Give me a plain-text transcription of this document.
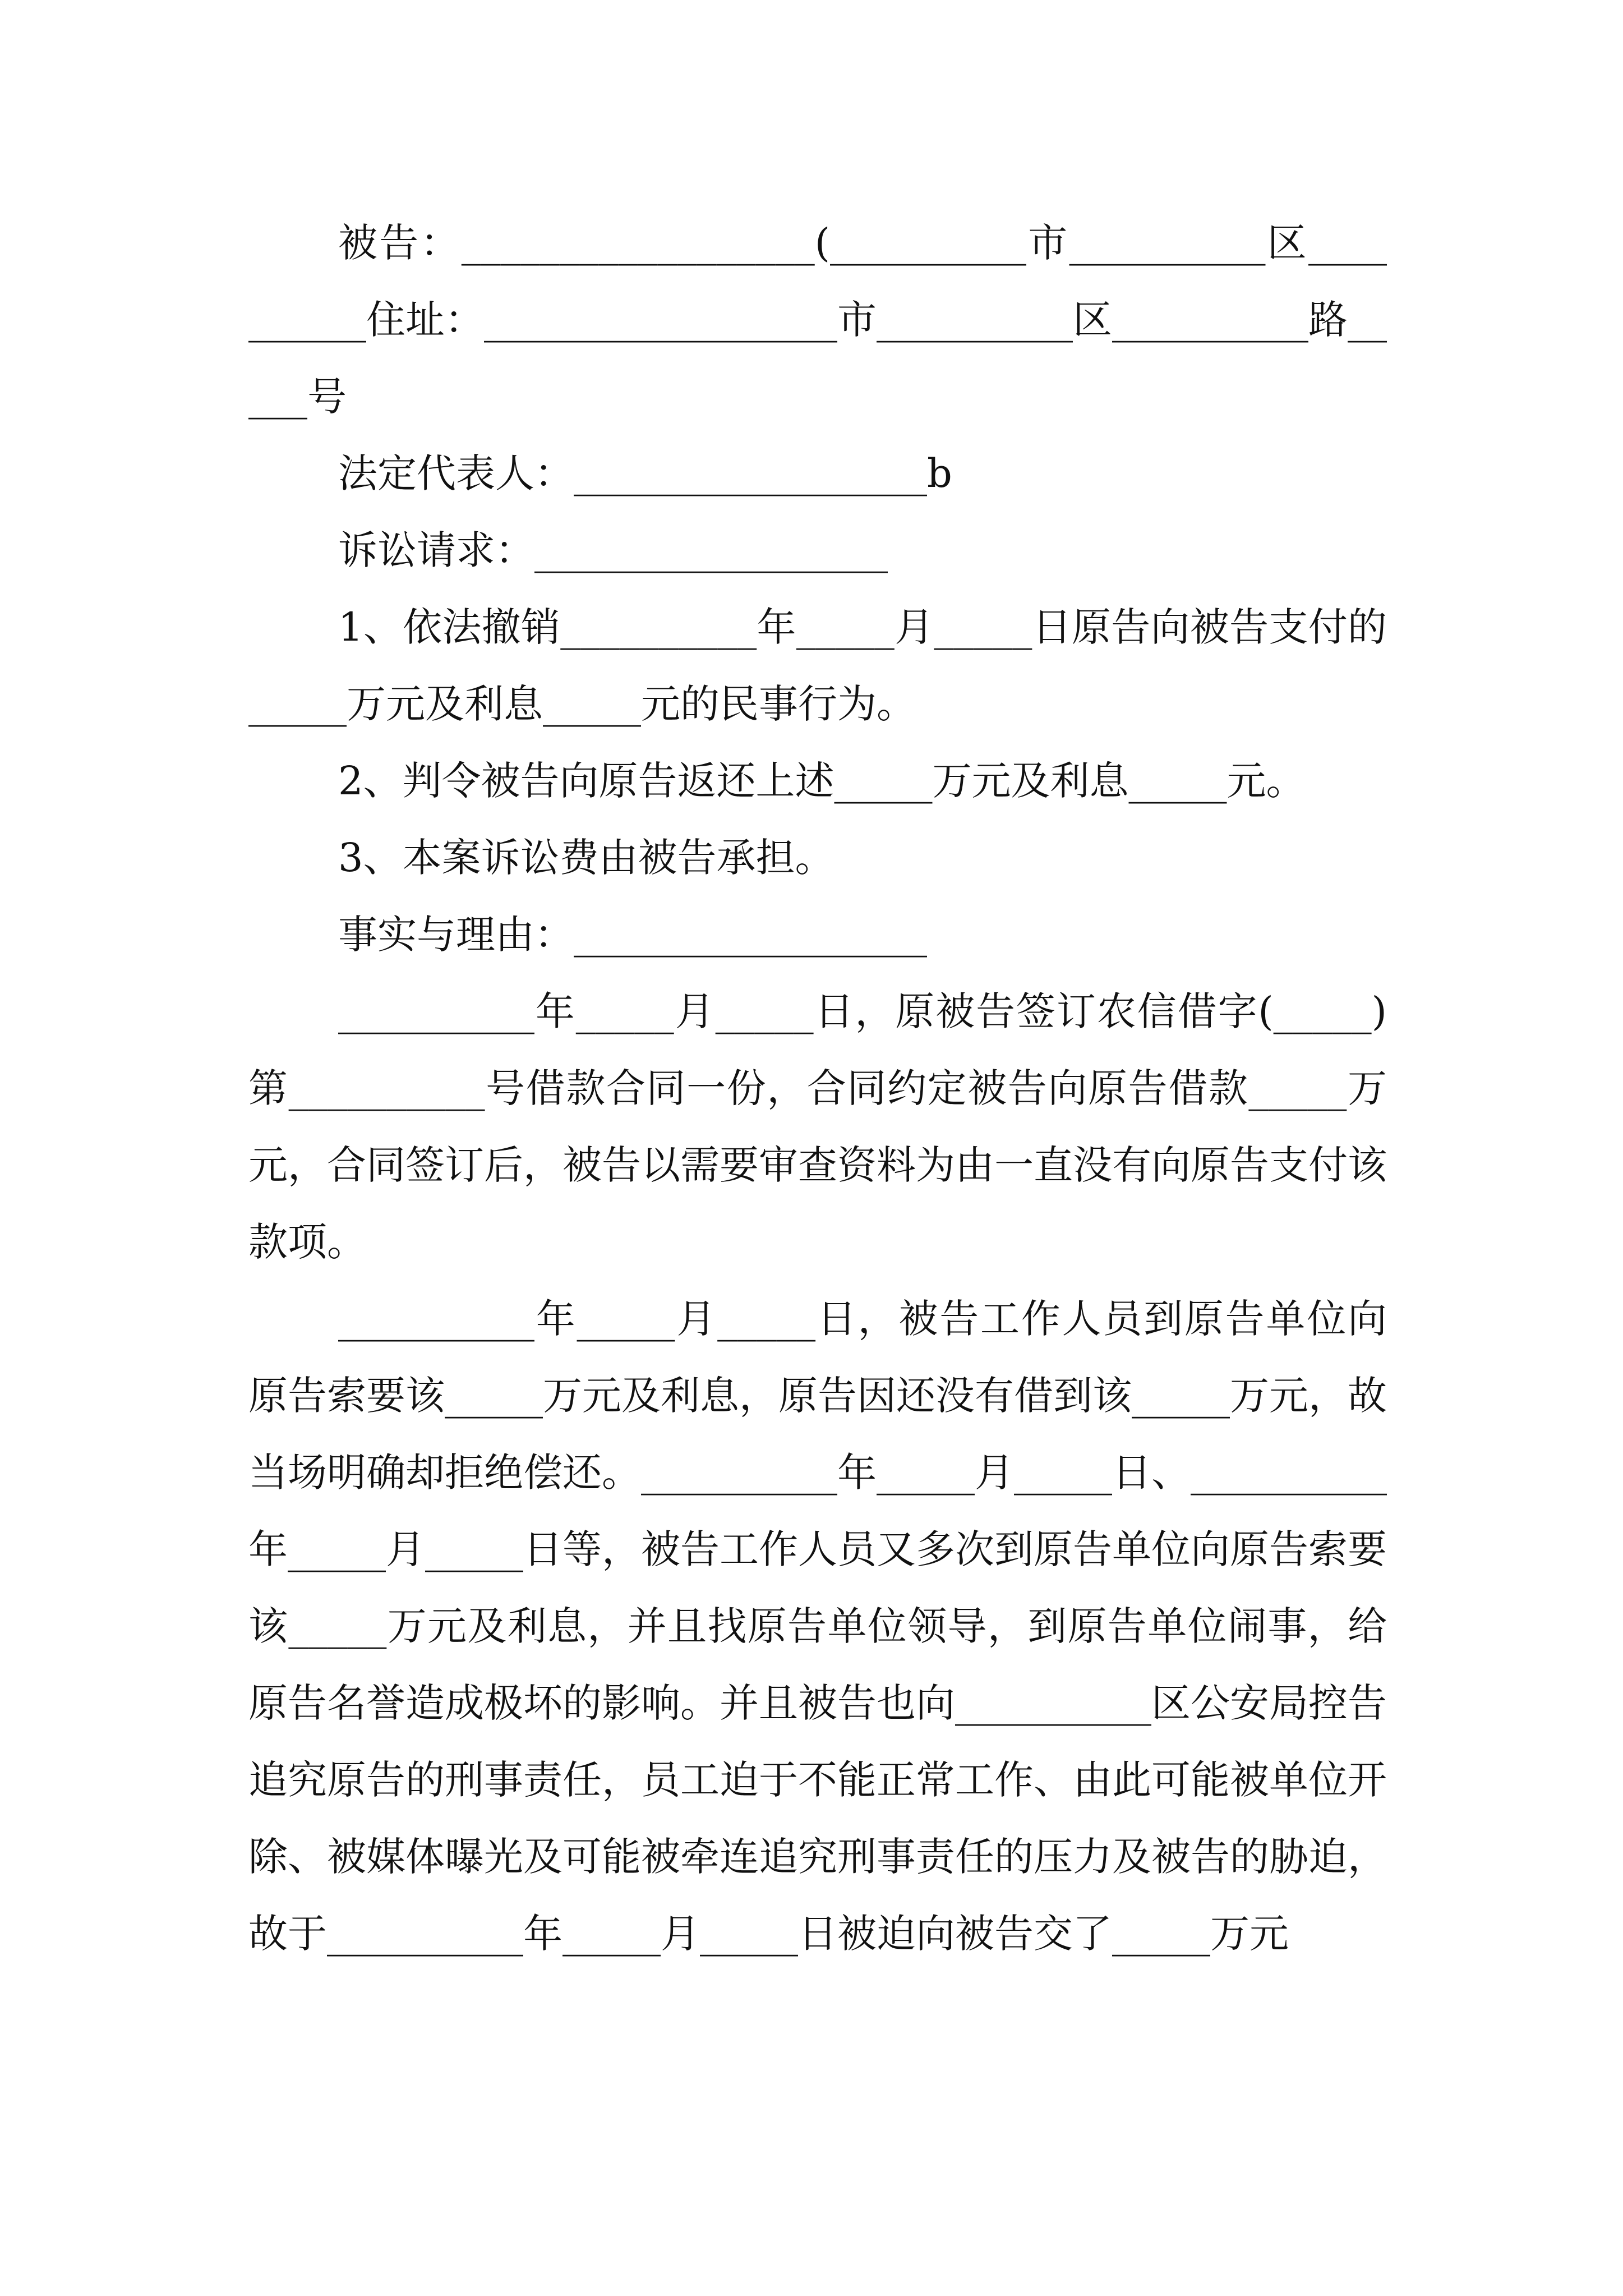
被告：__________________(__________市__________区__________住址：__________________市__________区__________路_____号

法定代表人：__________________b

诉讼请求：__________________

1、依法撤销__________年_____月_____日原告向被告支付的_____万元及利息_____元的民事行为。

2、判令被告向原告返还上述_____万元及利息_____元。

3、本案诉讼费由被告承担。

事实与理由：__________________

__________年_____月_____日，原被告签订农信借字(_____)第__________号借款合同一份，合同约定被告向原告借款_____万元，合同签订后，被告以需要审查资料为由一直没有向原告支付该款项。

__________年_____月_____日，被告工作人员到原告单位向原告索要该_____万元及利息，原告因还没有借到该_____万元，故当场明确却拒绝偿还。__________年_____月_____日、__________年_____月_____日等，被告工作人员又多次到原告单位向原告索要该_____万元及利息，并且找原告单位领导，到原告单位闹事，给原告名誉造成极坏的影响。并且被告也向__________区公安局控告追究原告的刑事责任，员工迫于不能正常工作、由此可能被单位开除、被媒体曝光及可能被牵连追究刑事责任的压力及被告的胁迫，故于__________年_____月_____日被迫向被告交了_____万元
